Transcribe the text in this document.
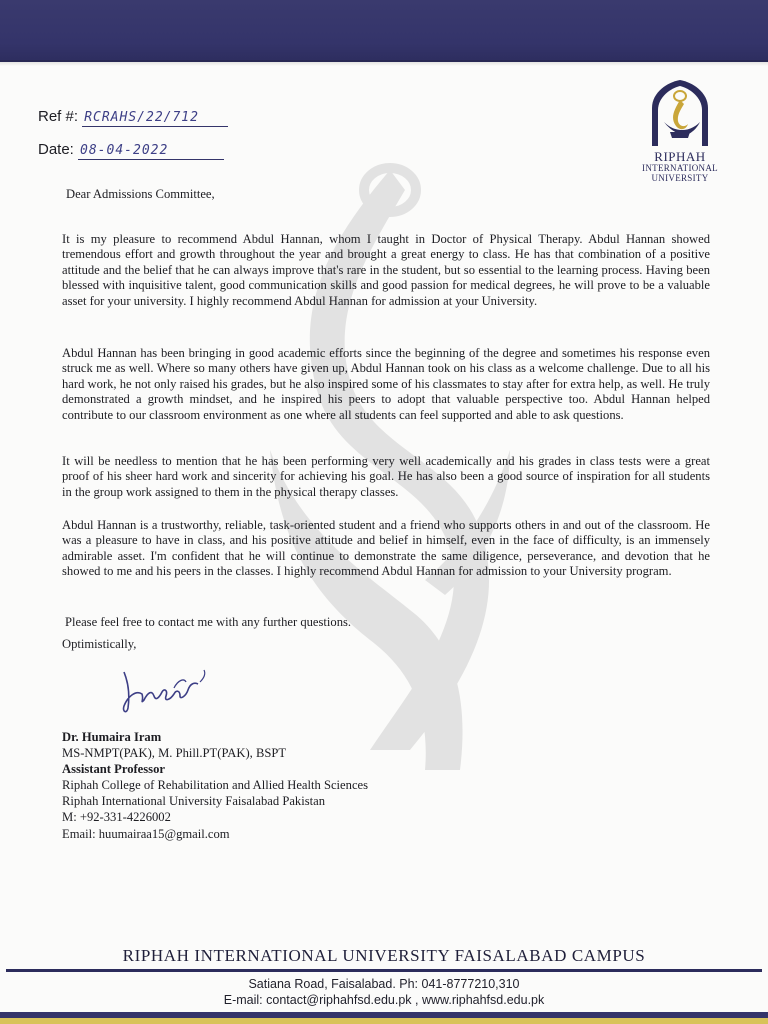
Ref #: RCRAHS/22/712
Date: 08-04-2022	RIPHAH
INTERNATIONAL
UNIVERSITY
Dear Admissions Committee,

It is my pleasure to recommend Abdul Hannan, whom I taught in Doctor of Physical Therapy. Abdul Hannan showed tremendous effort and growth throughout the year and brought a great energy to class. He has that combination of a positive attitude and the belief that he can always improve that's rare in the student, but so essential to the learning process. Having been blessed with inquisitive talent, good communication skills and good passion for medical degrees, he will prove to be a valuable asset for your university. I highly recommend Abdul Hannan for admission at your University.

Abdul Hannan has been bringing in good academic efforts since the beginning of the degree and sometimes his response even struck me as well. Where so many others have given up, Abdul Hannan took on his class as a welcome challenge. Due to all his hard work, he not only raised his grades, but he also inspired some of his classmates to stay after for extra help, as well. He truly demonstrated a growth mindset, and he inspired his peers to adopt that valuable perspective too. Abdul Hannan helped contribute to our classroom environment as one where all students can feel supported and able to ask questions.

It will be needless to mention that he has been performing very well academically and his grades in class tests were a great proof of his sheer hard work and sincerity for achieving his goal. He has also been a good source of inspiration for all students in the group work assigned to them in the physical therapy classes.

Abdul Hannan is a trustworthy, reliable, task-oriented student and a friend who supports others in and out of the classroom. He was a pleasure to have in class, and his positive attitude and belief in himself, even in the face of difficulty, is an immensely admirable asset. I'm confident that he will continue to demonstrate the same diligence, perseverance, and devotion that he showed to me and his peers in the classes. I highly recommend Abdul Hannan for admission to your University program.

Please feel free to contact me with any further questions.

Optimistically,
Dr. Humaira Iram
MS-NMPT(PAK), M. Phill.PT(PAK), BSPT
Assistant Professor
Riphah College of Rehabilitation and Allied Health Sciences
Riphah International University Faisalabad Pakistan
M: +92-331-4226002
Email: huumairaa15@gmail.com
RIPHAH INTERNATIONAL UNIVERSITY FAISALABAD CAMPUS
Satiana Road, Faisalabad. Ph: 041-8777210,310
E-mail: contact@riphahfsd.edu.pk , www.riphahfsd.edu.pk
